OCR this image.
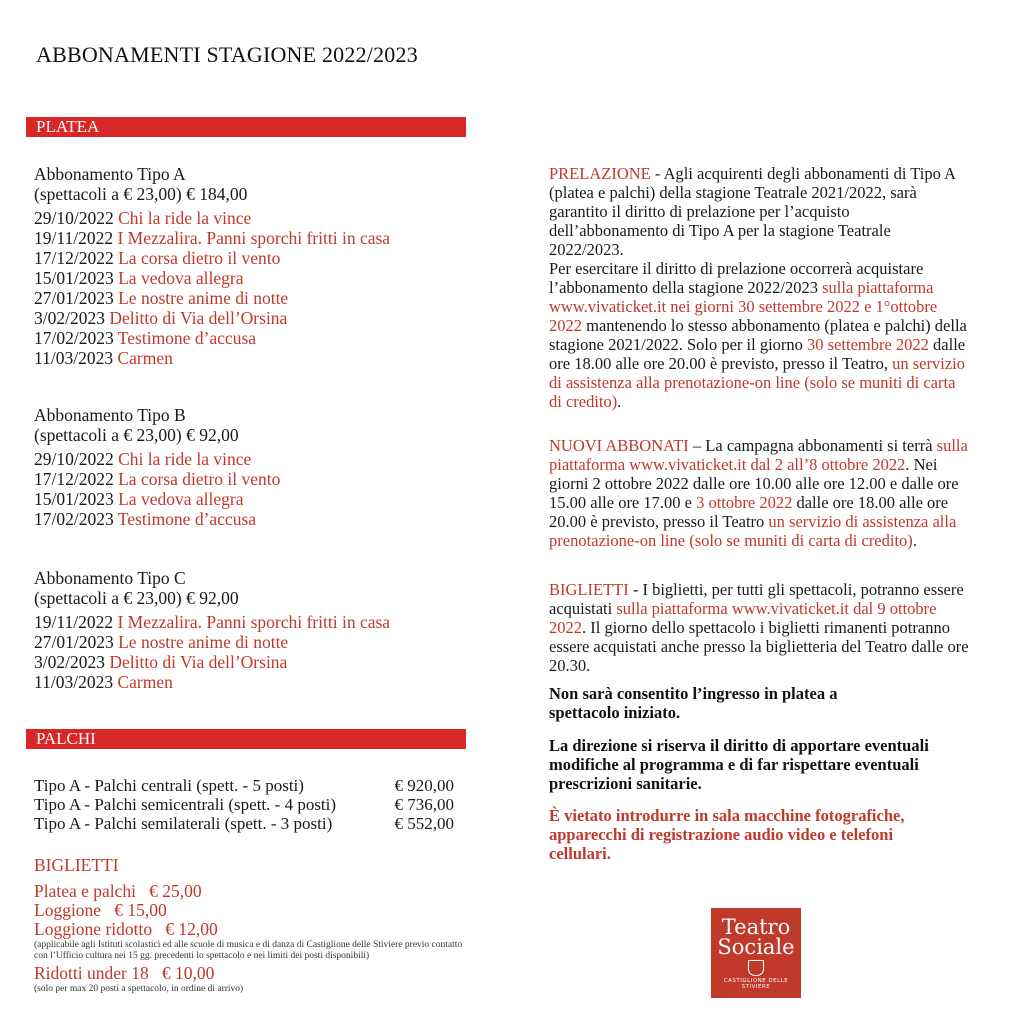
ABBONAMENTI STAGIONE 2022/2023
PLATEA
Abbonamento Tipo A
(spettacoli a € 23,00) € 184,00
29/10/2022 Chi la ride la vince
19/11/2022 I Mezzalira. Panni sporchi fritti in casa
17/12/2022 La corsa dietro il vento
15/01/2023 La vedova allegra
27/01/2023 Le nostre anime di notte
3/02/2023 Delitto di Via dell’Orsina
17/02/2023 Testimone d’accusa
11/03/2023 Carmen
Abbonamento Tipo B
(spettacoli a € 23,00) € 92,00
29/10/2022 Chi la ride la vince
17/12/2022 La corsa dietro il vento
15/01/2023 La vedova allegra
17/02/2023 Testimone d’accusa
Abbonamento Tipo C
(spettacoli a € 23,00) € 92,00
19/11/2022 I Mezzalira. Panni sporchi fritti in casa
27/01/2023 Le nostre anime di notte
3/02/2023 Delitto di Via dell’Orsina
11/03/2023 Carmen
PALCHI
Tipo A - Palchi centrali (spett. - 5 posti)	€ 920,00
Tipo A - Palchi semicentrali (spett. - 4 posti)	€ 736,00
Tipo A - Palchi semilaterali (spett. - 3 posti)	€ 552,00
BIGLIETTI
Platea e palchi   € 25,00
Loggione   € 15,00
Loggione ridotto   € 12,00
(applicabile agli Istituti scolastici ed alle scuole di musica e di danza di Castiglione delle Stiviere previo contatto con l’Ufficio cultura nei 15 gg. precedenti lo spettacolo e nei limiti dei posti disponibili)
Ridotti under 18   € 10,00
(solo per max 20 posti a spettacolo, in ordine di arrivo)

PRELAZIONE - Agli acquirenti degli abbonamenti di Tipo A (platea e palchi) della stagione Teatrale 2021/2022, sarà garantito il diritto di prelazione per l’acquisto dell’abbonamento di Tipo A per la stagione Teatrale 2022/2023.

Per esercitare il diritto di prelazione occorrerà acquistare l’abbonamento della stagione 2022/2023 sulla piattaforma www.vivaticket.it nei giorni 30 settembre 2022 e 1°ottobre 2022 mantenendo lo stesso abbonamento (platea e palchi) della stagione 2021/2022. Solo per il giorno 30 settembre 2022 dalle ore 18.00 alle ore 20.00 è previsto, presso il Teatro, un servizio di assistenza alla prenotazione-on line (solo se muniti di carta di credito).

NUOVI ABBONATI – La campagna abbonamenti si terrà sulla piattaforma www.vivaticket.it dal 2 all’8 ottobre 2022. Nei giorni 2 ottobre 2022 dalle ore 10.00 alle ore 12.00 e dalle ore 15.00 alle ore 17.00 e 3 ottobre 2022 dalle ore 18.00 alle ore 20.00 è previsto, presso il Teatro un servizio di assistenza alla prenotazione-on line (solo se muniti di carta di credito).

BIGLIETTI - I biglietti, per tutti gli spettacoli, potranno essere acquistati sulla piattaforma www.vivaticket.it dal 9 ottobre 2022. Il giorno dello spettacolo i biglietti rimanenti potranno essere acquistati anche presso la biglietteria del Teatro dalle ore 20.30.

Non sarà consentito l’ingresso in platea a spettacolo iniziato.
La direzione si riserva il diritto di apportare eventuali modifiche al programma e di far rispettare eventuali prescrizioni sanitarie.
È vietato introdurre in sala macchine fotografiche, apparecchi di registrazione audio video e telefoni cellulari.
Teatro
Sociale
CASTIGLIONE DELLE STIVIERE
